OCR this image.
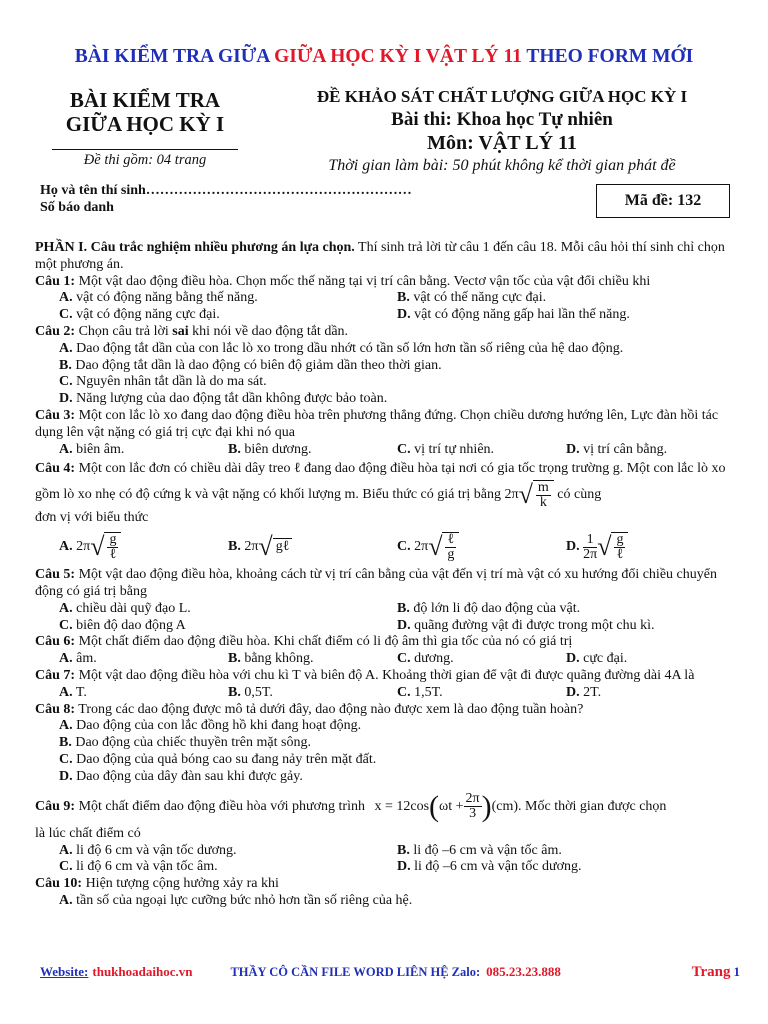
BÀI KIỂM TRA GIỮA GIỮA HỌC KỲ I VẬT LÝ 11 THEO FORM MỚI
BÀI KIỂM TRA
GIỮA HỌC KỲ I
Đề thi gồm: 04 trang
ĐỀ KHẢO SÁT CHẤT LƯỢNG GIỮA HỌC KỲ I
Bài thi: Khoa học Tự nhiên
Môn: VẬT LÝ 11
Thời gian làm bài: 50 phút không kể thời gian phát đề
Họ và tên thí sinh…………………………………………………
Số báo danh	Mã đề: 132

PHẦN I. Câu trắc nghiệm nhiều phương án lựa chọn. Thí sinh trả lời từ câu 1 đến câu 18. Mỗi câu hỏi thí sinh chỉ chọn một phương án.

Câu 1: Một vật dao động điều hòa. Chọn mốc thế năng tại vị trí cân bằng. Vectơ vận tốc của vật đổi chiều khi

A. vật có động năng bằng thế năng.	B. vật có thế năng cực đại.
C. vật có động năng cực đại.	D. vật có động năng gấp hai lần thế năng.

Câu 2: Chọn câu trả lời sai khi nói về dao động tắt dần.

A. Dao động tắt dần của con lắc lò xo trong dầu nhớt có tần số lớn hơn tần số riêng của hệ dao động.

B. Dao động tắt dần là dao động có biên độ giảm dần theo thời gian.

C. Nguyên nhân tắt dần là do ma sát.

D. Năng lượng của dao động tắt dần không được bảo toàn.

Câu 3: Một con lắc lò xo đang dao động điều hòa trên phương thẳng đứng. Chọn chiều dương hướng lên, Lực đàn hồi tác dụng lên vật nặng có giá trị cực đại khi nó qua

A. biên âm.	B. biên dương.	C. vị trí tự nhiên.	D. vị trí cân bằng.

Câu 4: Một con lắc đơn có chiều dài dây treo ℓ đang dao động điều hòa tại nơi có gia tốc trọng trường g. Một con lắc lò xo gồm lò xo nhẹ có độ cứng k và vật nặng có khối lượng m. Biểu thức có giá trị bằng 2π √ $\frac{m}{k}$ có cùng

đơn vị với biểu thức

A. 2π √ $\frac{g}{\text{ℓ}}$	B. 2π √ gℓ	C. 2π √ $\frac{\text{ℓ}}{g}$	D. $\frac{1}{2\pi}$ √ $\frac{g}{\text{ℓ}}$

Câu 5: Một vật dao động điều hòa, khoảng cách từ vị trí cân bằng của vật đến vị trí mà vật có xu hướng đổi chiều chuyển động có giá trị bằng

A. chiều dài quỹ đạo L.	B. độ lớn li độ dao động của vật.
C. biên độ dao động A	D. quãng đường vật đi được trong một chu kì.

Câu 6: Một chất điểm dao động điều hòa. Khi chất điểm có li độ âm thì gia tốc của nó có giá trị

A. âm.	B. bằng không.	C. dương.	D. cực đại.

Câu 7: Một vật dao động điều hòa với chu kì T và biên độ A. Khoảng thời gian để vật đi được quãng đường dài 4A là

A. T.	B. 0,5T.	C. 1,5T.	D. 2T.

Câu 8: Trong các dao động được mô tả dưới đây, dao động nào được xem là dao động tuần hoàn?

A. Dao động của con lắc đồng hồ khi đang hoạt động.

B. Dao động của chiếc thuyền trên mặt sông.

C. Dao động của quả bóng cao su đang nảy trên mặt đất.

D. Dao động của dây đàn sau khi được gảy.

Câu 9: Một chất điểm dao động điều hòa với phương trình $x = 12\cos(\omega t + \frac{2\pi}{3} )(cm)$. Mốc thời gian được chọn

là lúc chất điểm có

A. li độ 6 cm và vận tốc dương.	B. li độ –6 cm và vận tốc âm.
C. li độ 6 cm và vận tốc âm.	D. li độ –6 cm và vận tốc dương.

Câu 10: Hiện tượng cộng hưởng xảy ra khi

A. tần số của ngoại lực cưỡng bức nhỏ hơn tần số riêng của hệ.

Website: thukhoadaihoc.vn	THẦY CÔ CẦN FILE WORD LIÊN HỆ Zalo: 085.23.23.888	Trang 1
